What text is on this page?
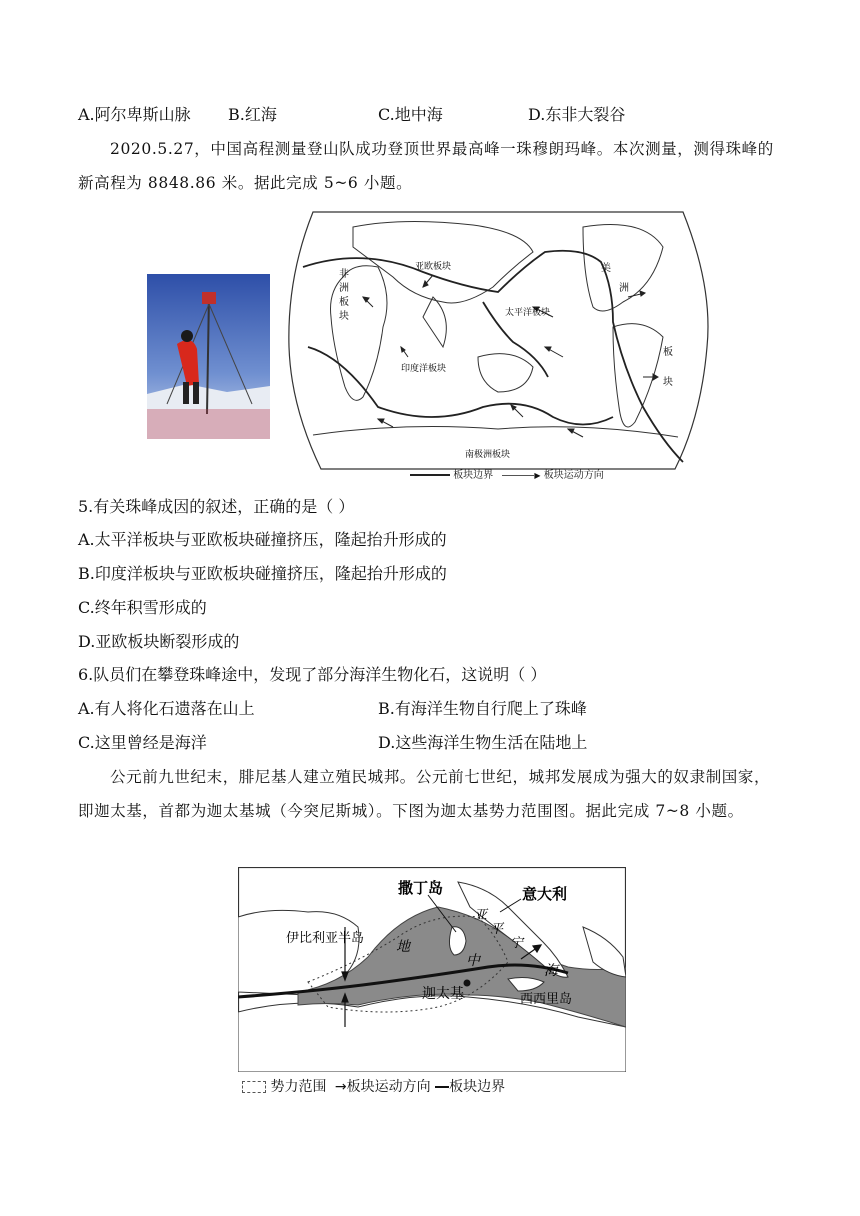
A.阿尔卑斯山脉 B.红海	C.地中海	D.东非大裂谷
2020.5.27，中国高程测量登山队成功登顶世界最高峰一珠穆朗玛峰。本次测量，测得珠峰的新高程为 8848.86 米。据此完成 5~6 小题。
亚欧板块
太平洋板块
印度洋板块
南极洲板块
非
洲
板
块
美
洲
板
块
板块边界	▶ 板块运动方向
5.有关珠峰成因的叙述，正确的是（ ）
A.太平洋板块与亚欧板块碰撞挤压，隆起抬升形成的
B.印度洋板块与亚欧板块碰撞挤压，隆起抬升形成的
C.终年积雪形成的
D.亚欧板块断裂形成的
6.队员们在攀登珠峰途中，发现了部分海洋生物化石，这说明（ ）
A.有人将化石遗落在山上	B.有海洋生物自行爬上了珠峰
C.这里曾经是海洋	D.这些海洋生物生活在陆地上
公元前九世纪末，腓尼基人建立殖民城邦。公元前七世纪，城邦发展成为强大的奴隶制国家，即迦太基，首都为迦太基城（今突尼斯城）。下图为迦太基势力范围图。据此完成 7~8 小题。
撒丁岛	意大利
伊比利亚半岛
迦太基	西西里岛
地
中
海
亚
平
宁
势力范围 →板块运动方向 板块边界
